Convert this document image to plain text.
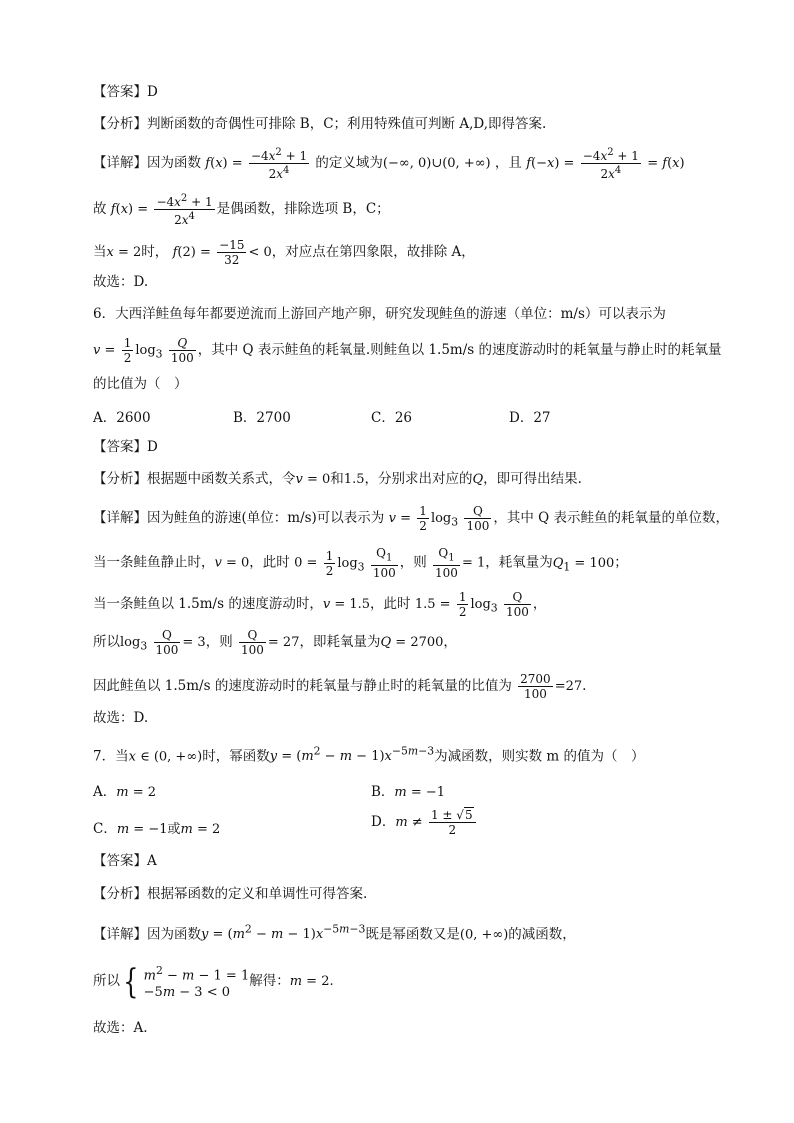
【答案】D
【分析】判断函数的奇偶性可排除 B，C；利用特殊值可判断 A,D,即得答案.
【详解】因为函数 $f(x) = \frac{-4x^2 + 1}{2x^4}$ 的定义域为(−∞, 0)∪(0, +∞) ，且 $f(-x) = \frac{-4x^2 + 1}{2x^4} = f(x)$
故 $f(x) = \frac{-4x^2 + 1}{2x^4}$ 是偶函数，排除选项 B，C；
当x = 2时， $f(2) = \frac{-15}{32} < 0$，对应点在第四象限，故排除 A，
故选：D.
6．大西洋鲑鱼每年都要逆流而上游回产地产卵，研究发现鲑鱼的游速（单位：m/s）可以表示为
$v = \frac{1}{2} \log_3 \frac{Q}{100}$ ，其中 Q 表示鲑鱼的耗氧量.则鲑鱼以 1.5m/s 的速度游动时的耗氧量与静止时的耗氧量
的比值为（　）
A．2600	B．2700	C．26	D．27
【答案】D
【分析】根据题中函数关系式，令v = 0和1.5，分别求出对应的Q，即可得出结果.
【详解】因为鲑鱼的游速(单位：m/s)可以表示为 $v = \frac{1}{2} \log_3 \frac{Q}{100}$ ，其中 Q 表示鲑鱼的耗氧量的单位数，
当一条鲑鱼静止时，v = 0，此时 $0 = \frac{1}{2} \log_3 \frac{Q_1}{100}$ ，则 $\frac{Q_1}{100} = 1$，耗氧量为$Q_1 = 100$；
当一条鲑鱼以 1.5m/s 的速度游动时，v = 1.5，此时 $1.5 = \frac{1}{2} \log_3 \frac{Q}{100}$ ，
所以$\log_3 \frac{Q}{100} = 3$，则 $\frac{Q}{100} = 27$，即耗氧量为Q = 2700，
因此鲑鱼以 1.5m/s 的速度游动时的耗氧量与静止时的耗氧量的比值为 $\frac{2700}{100} =27$.
故选：D.
7．当x ∈ (0, +∞)时，幂函数$y = (m^2 - m - 1)x^{-5m-3}$为减函数，则实数 m 的值为（　）
A．m = 2	B．m = −1
C．m = −1或m = 2	D．$m \ne \frac{1 \pm √5}{2}$
【答案】A
【分析】根据幂函数的定义和单调性可得答案.
【详解】因为函数$y = (m^2 - m - 1)x^{-5m-3}$既是幂函数又是(0, +∞)的减函数，
所以{ $m^2 - m - 1 = 1$
−5m − 3 < 0
解得：m = 2.
故选：A.
